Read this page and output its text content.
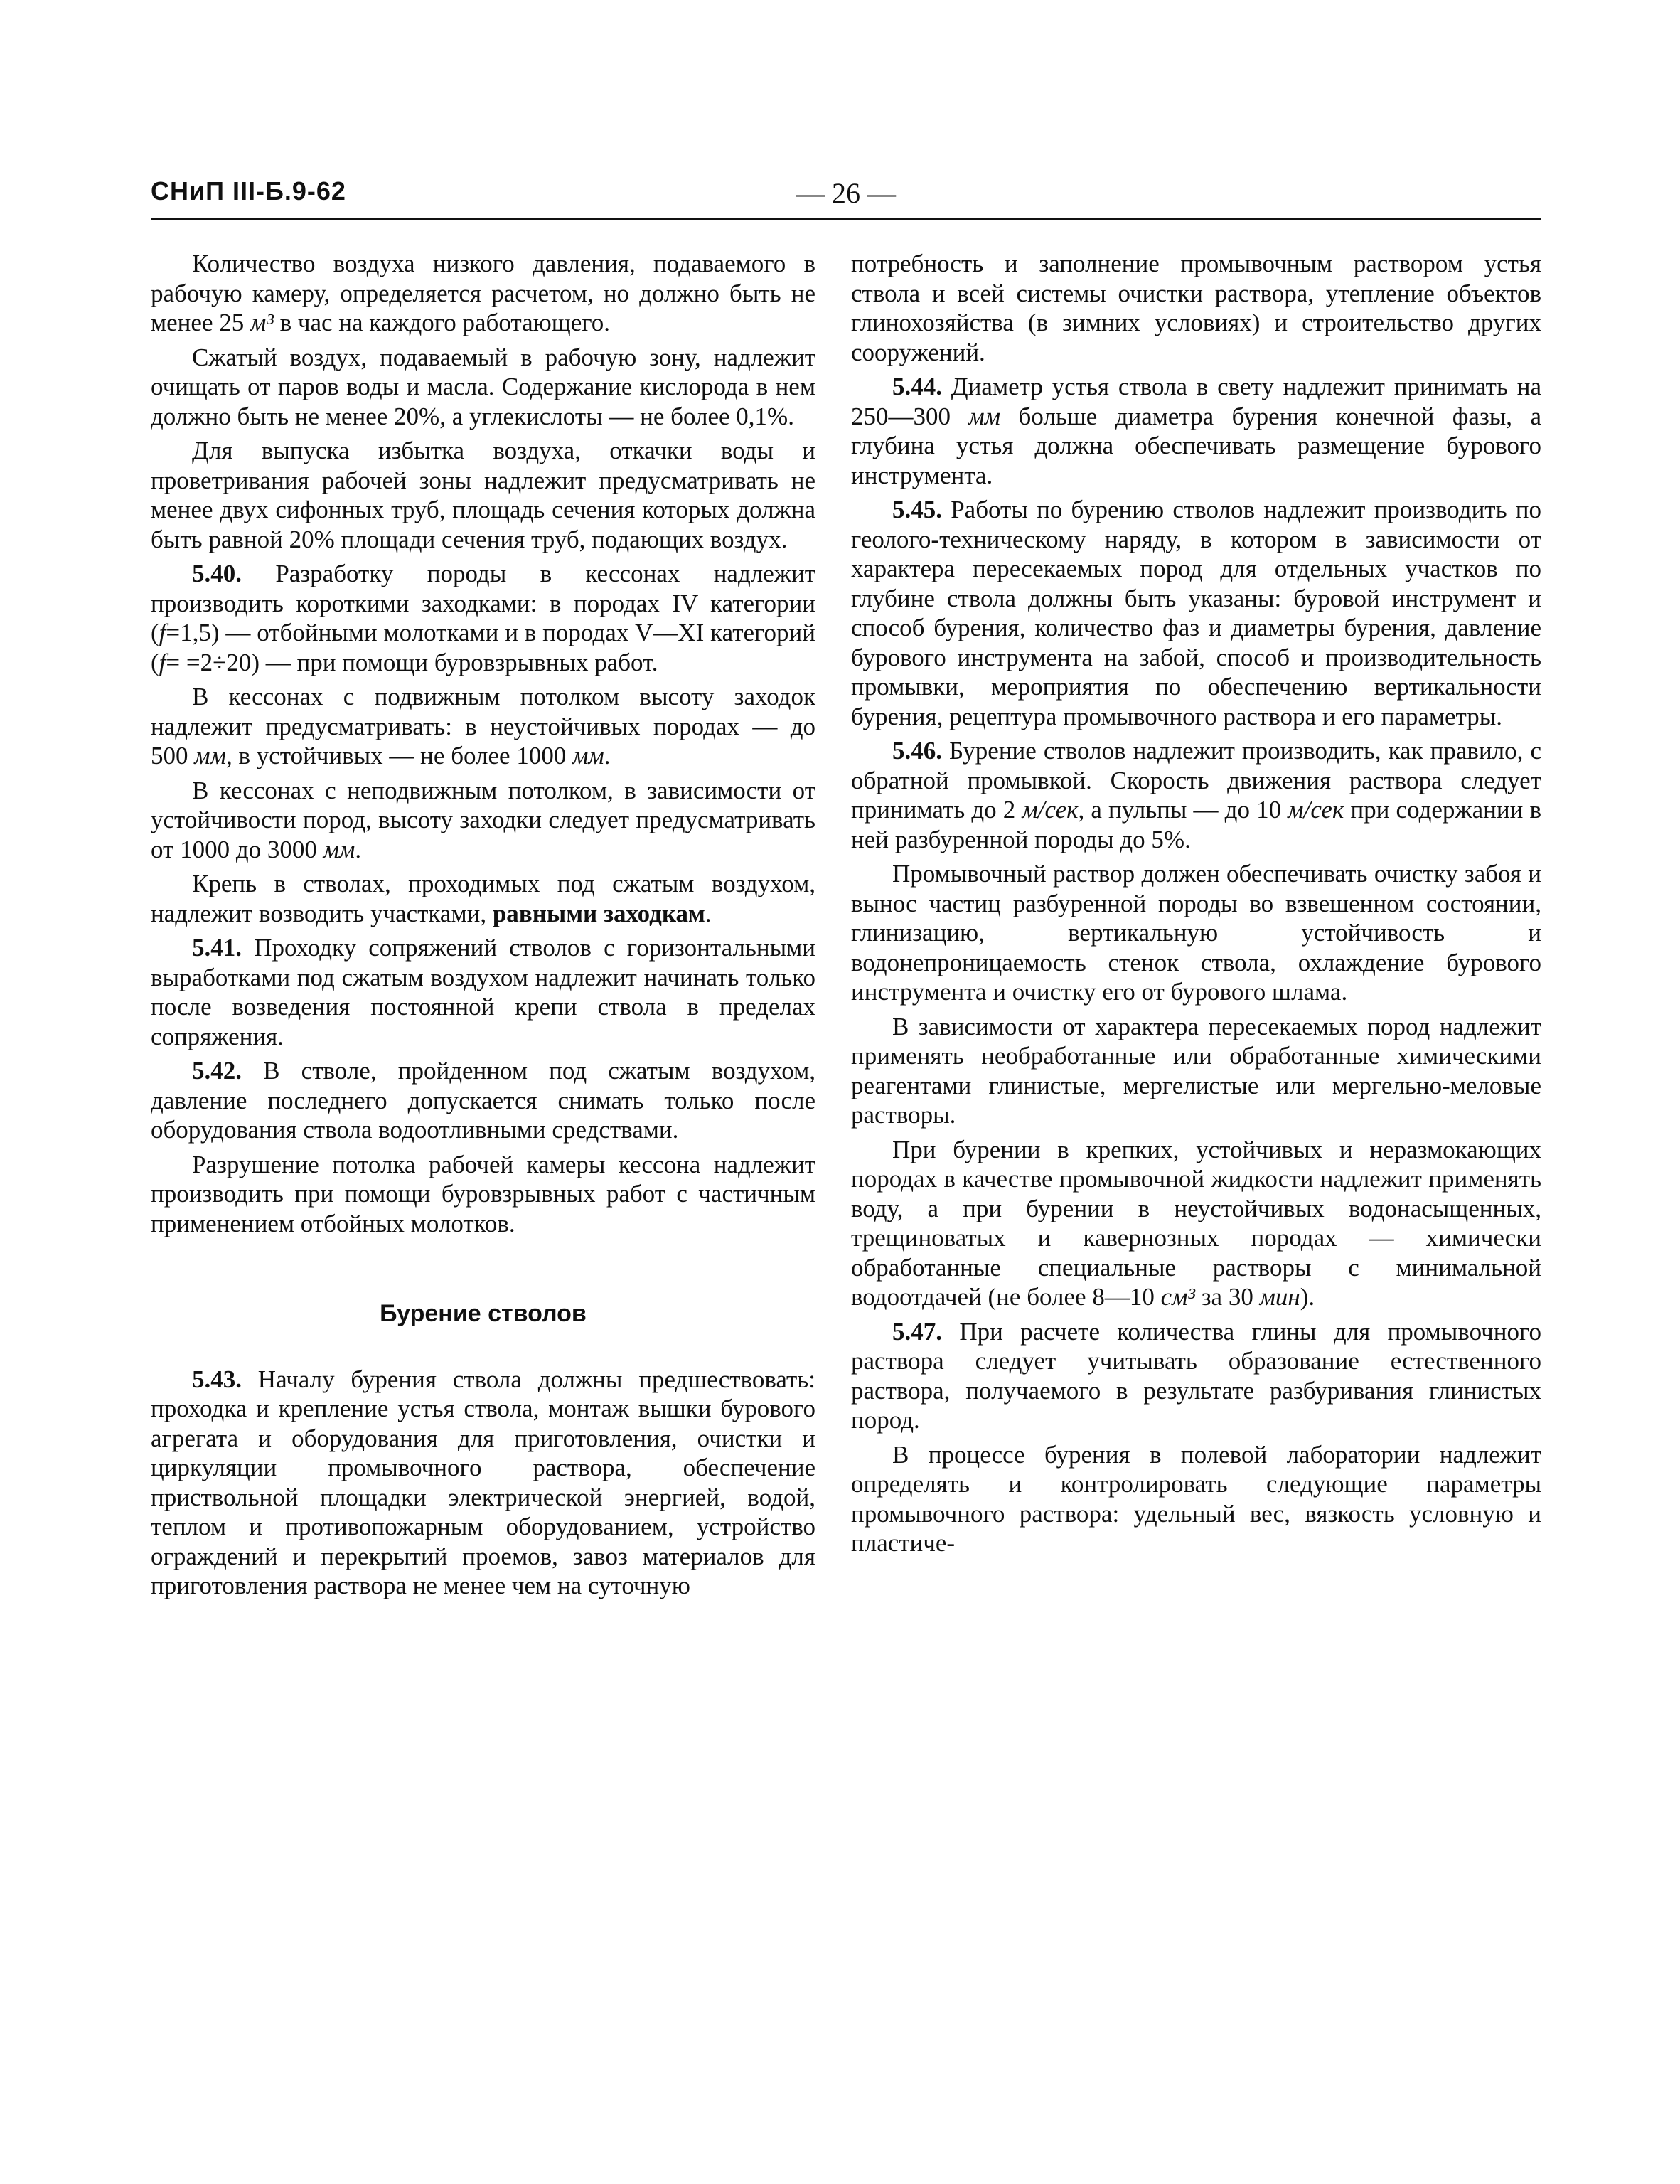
СНиП III-Б.9-62	— 26 —

Количество воздуха низкого давления, подаваемого в рабочую камеру, определяется расчетом, но должно быть не менее 25 м³ в час на каждого работающего.

Сжатый воздух, подаваемый в рабочую зону, надлежит очищать от паров воды и масла. Содержание кислорода в нем должно быть не менее 20%, а углекислоты — не более 0,1%.

Для выпуска избытка воздуха, откачки воды и проветривания рабочей зоны надлежит предусматривать не менее двух сифонных труб, площадь сечения которых должна быть равной 20% площади сечения труб, подающих воздух.

5.40. Разработку породы в кессонах надлежит производить короткими заходками: в породах IV категории (f=1,5) — отбойными молотками и в породах V—XI категорий (f= =2÷20) — при помощи буровзрывных работ.

В кессонах с подвижным потолком высоту заходок надлежит предусматривать: в неустойчивых породах — до 500 мм, в устойчивых — не более 1000 мм.

В кессонах с неподвижным потолком, в зависимости от устойчивости пород, высоту заходки следует предусматривать от 1000 до 3000 мм.

Крепь в стволах, проходимых под сжатым воздухом, надлежит возводить участками, равными заходкам.

5.41. Проходку сопряжений стволов с горизонтальными выработками под сжатым воздухом надлежит начинать только после возведения постоянной крепи ствола в пределах сопряжения.

5.42. В стволе, пройденном под сжатым воздухом, давление последнего допускается снимать только после оборудования ствола водоотливными средствами.

Разрушение потолка рабочей камеры кессона надлежит производить при помощи буровзрывных работ с частичным применением отбойных молотков.

Бурение стволов

5.43. Началу бурения ствола должны предшествовать: проходка и крепление устья ствола, монтаж вышки бурового агрегата и оборудования для приготовления, очистки и циркуляции промывочного раствора, обеспечение приствольной площадки электрической энергией, водой, теплом и противопожарным оборудованием, устройство ограждений и перекрытий проемов, завоз материалов для приготовления раствора не менее чем на суточную

потребность и заполнение промывочным раствором устья ствола и всей системы очистки раствора, утепление объектов глинохозяйства (в зимних условиях) и строительство других сооружений.

5.44. Диаметр устья ствола в свету надлежит принимать на 250—300 мм больше диаметра бурения конечной фазы, а глубина устья должна обеспечивать размещение бурового инструмента.

5.45. Работы по бурению стволов надлежит производить по геолого-техническому наряду, в котором в зависимости от характера пересекаемых пород для отдельных участков по глубине ствола должны быть указаны: буровой инструмент и способ бурения, количество фаз и диаметры бурения, давление бурового инструмента на забой, способ и производительность промывки, мероприятия по обеспечению вертикальности бурения, рецептура промывочного раствора и его параметры.

5.46. Бурение стволов надлежит производить, как правило, с обратной промывкой. Скорость движения раствора следует принимать до 2 м/сек, а пульпы — до 10 м/сек при содержании в ней разбуренной породы до 5%.

Промывочный раствор должен обеспечивать очистку забоя и вынос частиц разбуренной породы во взвешенном состоянии, глинизацию, вертикальную устойчивость и водонепроницаемость стенок ствола, охлаждение бурового инструмента и очистку его от бурового шлама.

В зависимости от характера пересекаемых пород надлежит применять необработанные или обработанные химическими реагентами глинистые, мергелистые или мергельно-меловые растворы.

При бурении в крепких, устойчивых и неразмокающих породах в качестве промывочной жидкости надлежит применять воду, а при бурении в неустойчивых водонасыщенных, трещиноватых и кавернозных породах — химически обработанные специальные растворы с минимальной водоотдачей (не более 8—10 см³ за 30 мин).

5.47. При расчете количества глины для промывочного раствора следует учитывать образование естественного раствора, получаемого в результате разбуривания глинистых пород.

В процессе бурения в полевой лаборатории надлежит определять и контролировать следующие параметры промывочного раствора: удельный вес, вязкость условную и пластиче-
